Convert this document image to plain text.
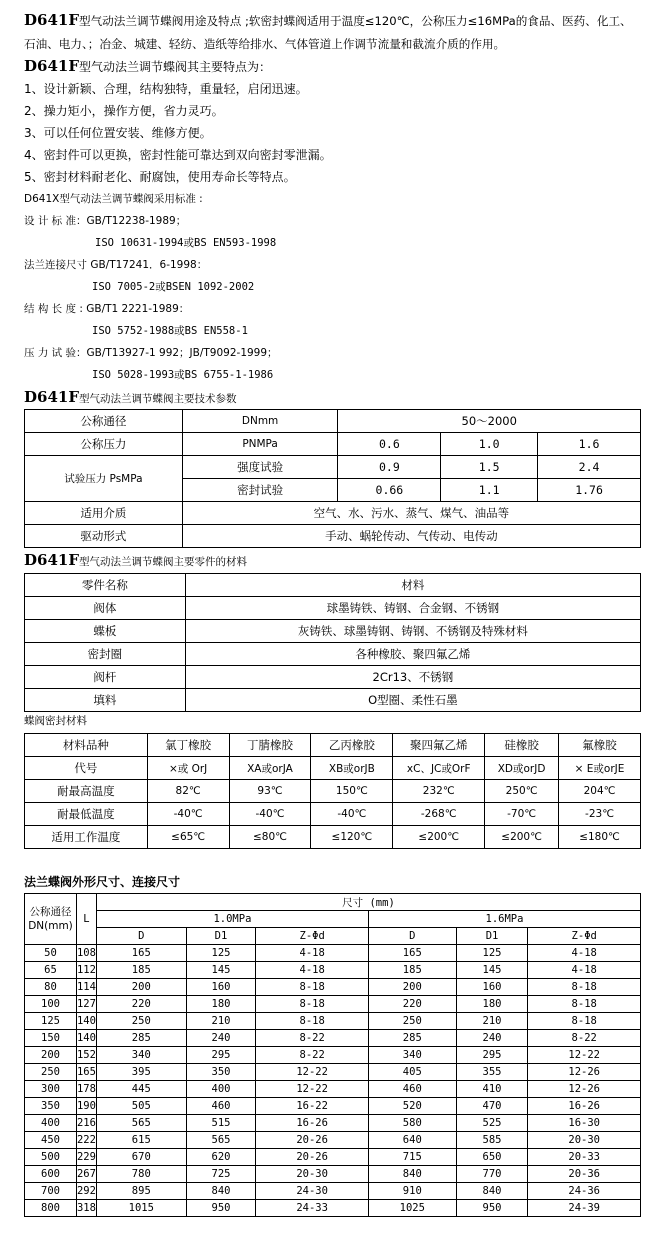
D641F型气动法兰调节蝶阀用途及特点 ;软密封蝶阀适用于温度≤120℃，公称压力≤16MPa的食品、医药、化工、
石油、电力、；冶金、城建、轻纺、造纸等给排水、气体管道上作调节流量和截流介质的作用。
D641F型气动法兰调节蝶阀其主要特点为：
1、设计新颖、合理，结构独特，重量轻，启闭迅速。
2、操力矩小，操作方便，省力灵巧。
3、可以任何位置安装、维修方便。
4、密封件可以更换，密封性能可靠达到双向密封零泄漏。
5、密封材料耐老化、耐腐蚀，使用寿命长等特点。
D641X型气动法兰调节蝶阀采用标准 :
设 计 标 准：GB/T12238-1989；
ISO 10631-1994或BS EN593-1998
法兰连接尺寸 GB/T17241．6-1998：
ISO 7005-2或BSEN 1092-2002
结 构 长 度 : GB/T1 2221-1989：
ISO 5752-1988或BS EN558-1
压 力 试 验：GB/T13927-1 992；JB/T9092-1999；
ISO 5028-1993或BS 6755-1-1986
D641F型气动法兰调节蝶阀主要技术参数
公称通径	DNmm	50～2000		
公称压力	PNMPa	0.6	1.0	1.6
试验压力 PsMPa	强度试验	0.9	1.5	2.4
	密封试验	0.66	1.1	1.76
适用介质	空气、水、污水、蒸气、煤气、油品等			
驱动形式	手动、蜗轮传动、气传动、电传动			
D641F型气动法兰调节蝶阀主要零件的材料
零件名称	材料
阀体	球墨铸铁、铸钢、合金钢、不锈钢
蝶板	灰铸铁、球墨铸钢、铸钢、不锈钢及特殊材料
密封圈	各种橡胶、聚四氟乙烯
阀杆	2Cr13、不锈钢
填料	O型圈、柔性石墨
蝶阀密封材料
材料品种	氯丁橡胶	丁腈橡胶	乙丙橡胶	聚四氟乙烯	硅橡胶	氟橡胶
代号	×或 OrJ	XA或orJA	XB或orJB	xC、JC或OrF	XD或orJD	× E或orJE
耐最高温度	82℃	93℃	150℃	232℃	250℃	204℃
耐最低温度	-40℃	-40℃	-40℃	-268℃	-70℃	-23℃
适用工作温度	≤65℃	≤80℃	≤120℃	≤200℃	≤200℃	≤180℃
法兰蝶阀外形尺寸、连接尺寸
公称通径DN(mm)	L	尺寸 (mm)					
		1.0MPa			1.6MPa		
		D	D1	Z-Φd	D	D1	Z-Φd
50	108	165	125	4-18	165	125	4-18
65	112	185	145	4-18	185	145	4-18
80	114	200	160	8-18	200	160	8-18
100	127	220	180	8-18	220	180	8-18
125	140	250	210	8-18	250	210	8-18
150	140	285	240	8-22	285	240	8-22
200	152	340	295	8-22	340	295	12-22
250	165	395	350	12-22	405	355	12-26
300	178	445	400	12-22	460	410	12-26
350	190	505	460	16-22	520	470	16-26
400	216	565	515	16-26	580	525	16-30
450	222	615	565	20-26	640	585	20-30
500	229	670	620	20-26	715	650	20-33
600	267	780	725	20-30	840	770	20-36
700	292	895	840	24-30	910	840	24-36
800	318	1015	950	24-33	1025	950	24-39
